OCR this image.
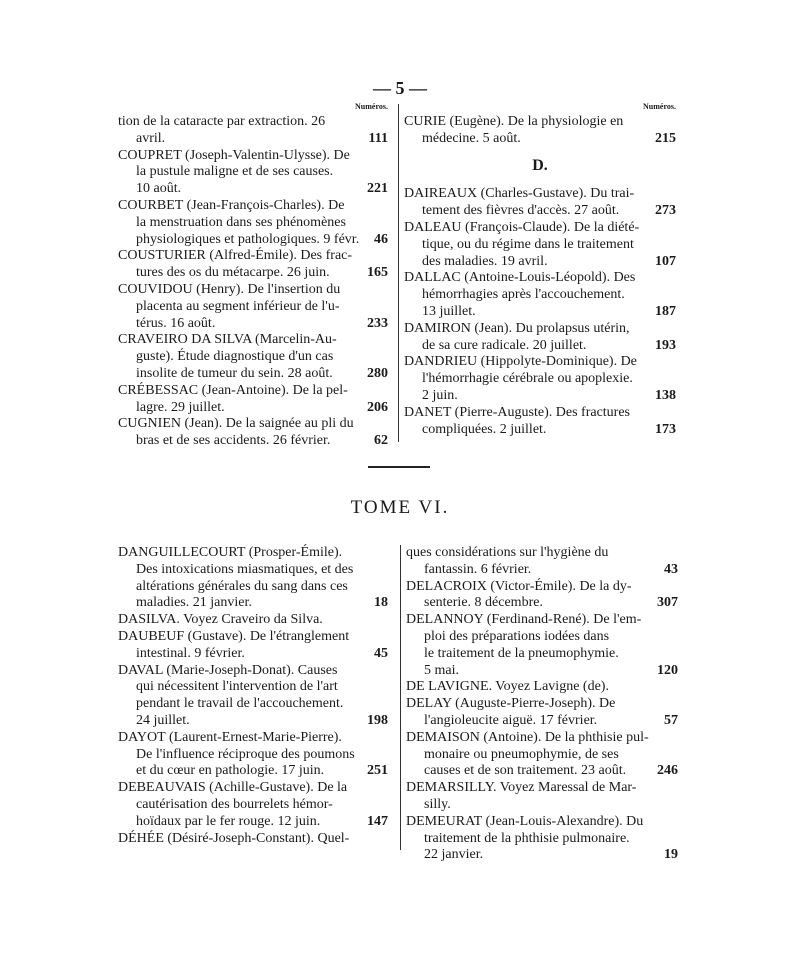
— 5 —
Numéros.
tion de la cataracte par extraction. 26
avril.	111
COUPRET (Joseph-Valentin-Ulysse). De
la pustule maligne et de ses causes.
10 août.	221
COURBET (Jean-François-Charles). De
la menstruation dans ses phénomènes
physiologiques et pathologiques. 9 févr. 46
COUSTURIER (Alfred-Émile). Des frac-
tures des os du métacarpe. 26 juin.	165
COUVIDOU (Henry). De l'insertion du
placenta au segment inférieur de l'u-
térus. 16 août.	233
CRAVEIRO DA SILVA (Marcelin-Au-
guste). Étude diagnostique d'un cas
insolite de tumeur du sein. 28 août. 280
CRÉBESSAC (Jean-Antoine). De la pel-
lagre. 29 juillet.	206
CUGNIEN (Jean). De la saignée au pli du
bras et de ses accidents. 26 février.	62
Numéros.
CURIE (Eugène). De la physiologie en
médecine. 5 août.	215
D.
DAIREAUX (Charles-Gustave). Du trai-
tement des fièvres d'accès. 27 août.	273
DALEAU (François-Claude). De la diété-
tique, ou du régime dans le traitement
des maladies. 19 avril.	107
DALLAC (Antoine-Louis-Léopold). Des
hémorrhagies après l'accouchement.
13 juillet.	187
DAMIRON (Jean). Du prolapsus utérin,
de sa cure radicale. 20 juillet.	193
DANDRIEU (Hippolyte-Dominique). De
l'hémorrhagie cérébrale ou apoplexie.
2 juin.	138
DANET (Pierre-Auguste). Des fractures
compliquées. 2 juillet.	173
TOME VI.
DANGUILLECOURT (Prosper-Émile).
Des intoxications miasmatiques, et des
altérations générales du sang dans ces
maladies. 21 janvier.	18
DASILVA. Voyez Craveiro da Silva.
DAUBEUF (Gustave). De l'étranglement
intestinal. 9 février.	45
DAVAL (Marie-Joseph-Donat). Causes
qui nécessitent l'intervention de l'art
pendant le travail de l'accouchement.
24 juillet.	198
DAYOT (Laurent-Ernest-Marie-Pierre).
De l'influence réciproque des poumons
et du cœur en pathologie. 17 juin.	251
DEBEAUVAIS (Achille-Gustave). De la
cautérisation des bourrelets hémor-
hoïdaux par le fer rouge. 12 juin.	147
DÉHÉE (Désiré-Joseph-Constant). Quel-
ques considérations sur l'hygiène du
fantassin. 6 février.	43
DELACROIX (Victor-Émile). De la dy-
senterie. 8 décembre.	307
DELANNOY (Ferdinand-René). De l'em-
ploi des préparations iodées dans
le traitement de la pneumophymie.
5 mai.	120
DE LAVIGNE. Voyez Lavigne (de).
DELAY (Auguste-Pierre-Joseph). De
l'angioleucite aiguë. 17 février.	57
DEMAISON (Antoine). De la phthisie pul-
monaire ou pneumophymie, de ses
causes et de son traitement. 23 août. 246
DEMARSILLY. Voyez Maressal de Mar-
silly.
DEMEURAT (Jean-Louis-Alexandre). Du
traitement de la phthisie pulmonaire.
22 janvier.	19
